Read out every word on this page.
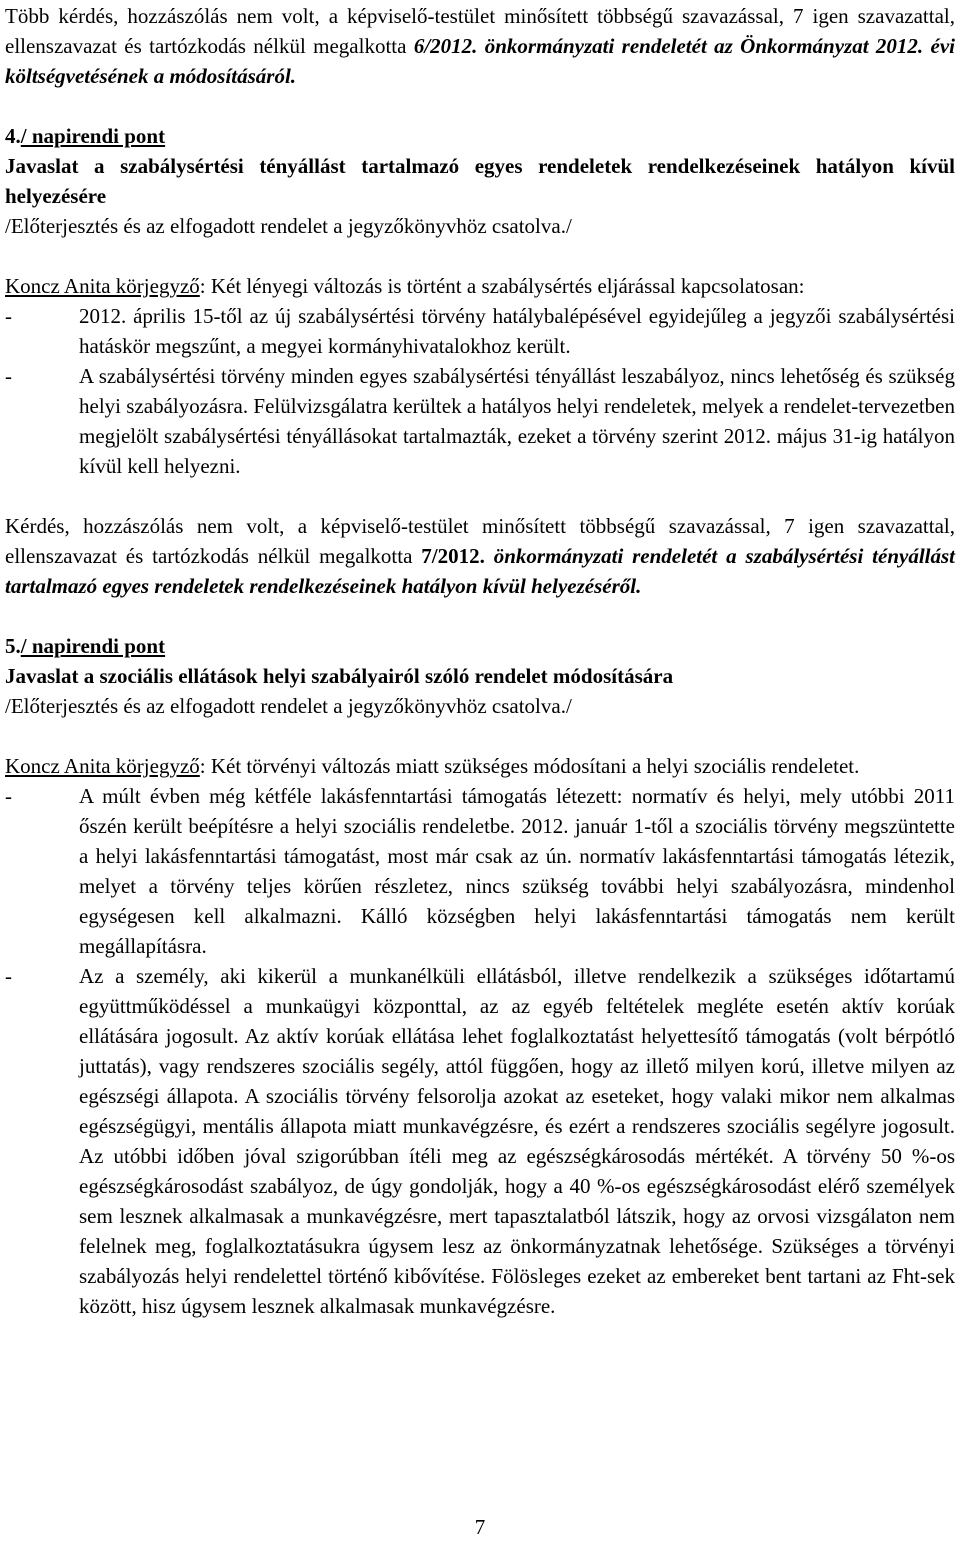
Több kérdés, hozzászólás nem volt, a képviselő-testület minősített többségű szavazással, 7 igen szavazattal, ellenszavazat és tartózkodás nélkül megalkotta 6/2012. önkormányzati rendeletét az Önkormányzat 2012. évi költségvetésének a módosításáról.

4./ napirendi pont

Javaslat a szabálysértési tényállást tartalmazó egyes rendeletek rendelkezéseinek hatályon kívül helyezésére

/Előterjesztés és az elfogadott rendelet a jegyzőkönyvhöz csatolva./

Koncz Anita körjegyző: Két lényegi változás is történt a szabálysértés eljárással kapcsolatosan:

-	2012. április 15-től az új szabálysértési törvény hatálybalépésével egyidejűleg a jegyzői szabálysértési hatáskör megszűnt, a megyei kormányhivatalokhoz került.
-	A szabálysértési törvény minden egyes szabálysértési tényállást leszabályoz, nincs lehetőség és szükség helyi szabályozásra. Felülvizsgálatra kerültek a hatályos helyi rendeletek, melyek a rendelet-tervezetben megjelölt szabálysértési tényállásokat tartalmazták, ezeket a törvény szerint 2012. május 31-ig hatályon kívül kell helyezni.

Kérdés, hozzászólás nem volt, a képviselő-testület minősített többségű szavazással, 7 igen szavazattal, ellenszavazat és tartózkodás nélkül megalkotta 7/2012. önkormányzati rendeletét a szabálysértési tényállást tartalmazó egyes rendeletek rendelkezéseinek hatályon kívül helyezéséről.

5./ napirendi pont

Javaslat a szociális ellátások helyi szabályairól szóló rendelet módosítására

/Előterjesztés és az elfogadott rendelet a jegyzőkönyvhöz csatolva./

Koncz Anita körjegyző: Két törvényi változás miatt szükséges módosítani a helyi szociális rendeletet.

-	A múlt évben még kétféle lakásfenntartási támogatás létezett: normatív és helyi, mely utóbbi 2011 őszén került beépítésre a helyi szociális rendeletbe. 2012. január 1-től a szociális törvény megszüntette a helyi lakásfenntartási támogatást, most már csak az ún. normatív lakásfenntartási támogatás létezik, melyet a törvény teljes körűen részletez, nincs szükség további helyi szabályozásra, mindenhol egységesen kell alkalmazni. Kálló községben helyi lakásfenntartási támogatás nem került megállapításra.
-	Az a személy, aki kikerül a munkanélküli ellátásból, illetve rendelkezik a szükséges időtartamú együttműködéssel a munkaügyi központtal, az az egyéb feltételek megléte esetén aktív korúak ellátására jogosult. Az aktív korúak ellátása lehet foglalkoztatást helyettesítő támogatás (volt bérpótló juttatás), vagy rendszeres szociális segély, attól függően, hogy az illető milyen korú, illetve milyen az egészségi állapota. A szociális törvény felsorolja azokat az eseteket, hogy valaki mikor nem alkalmas egészségügyi, mentális állapota miatt munkavégzésre, és ezért a rendszeres szociális segélyre jogosult. Az utóbbi időben jóval szigorúbban ítéli meg az egészségkárosodás mértékét. A törvény 50 %-os egészségkárosodást szabályoz, de úgy gondolják, hogy a 40 %-os egészségkárosodást elérő személyek sem lesznek alkalmasak a munkavégzésre, mert tapasztalatból látszik, hogy az orvosi vizsgálaton nem felelnek meg, foglalkoztatásukra úgysem lesz az önkormányzatnak lehetősége. Szükséges a törvényi szabályozás helyi rendelettel történő kibővítése. Fölösleges ezeket az embereket bent tartani az Fht-sek között, hisz úgysem lesznek alkalmasak munkavégzésre.
7
